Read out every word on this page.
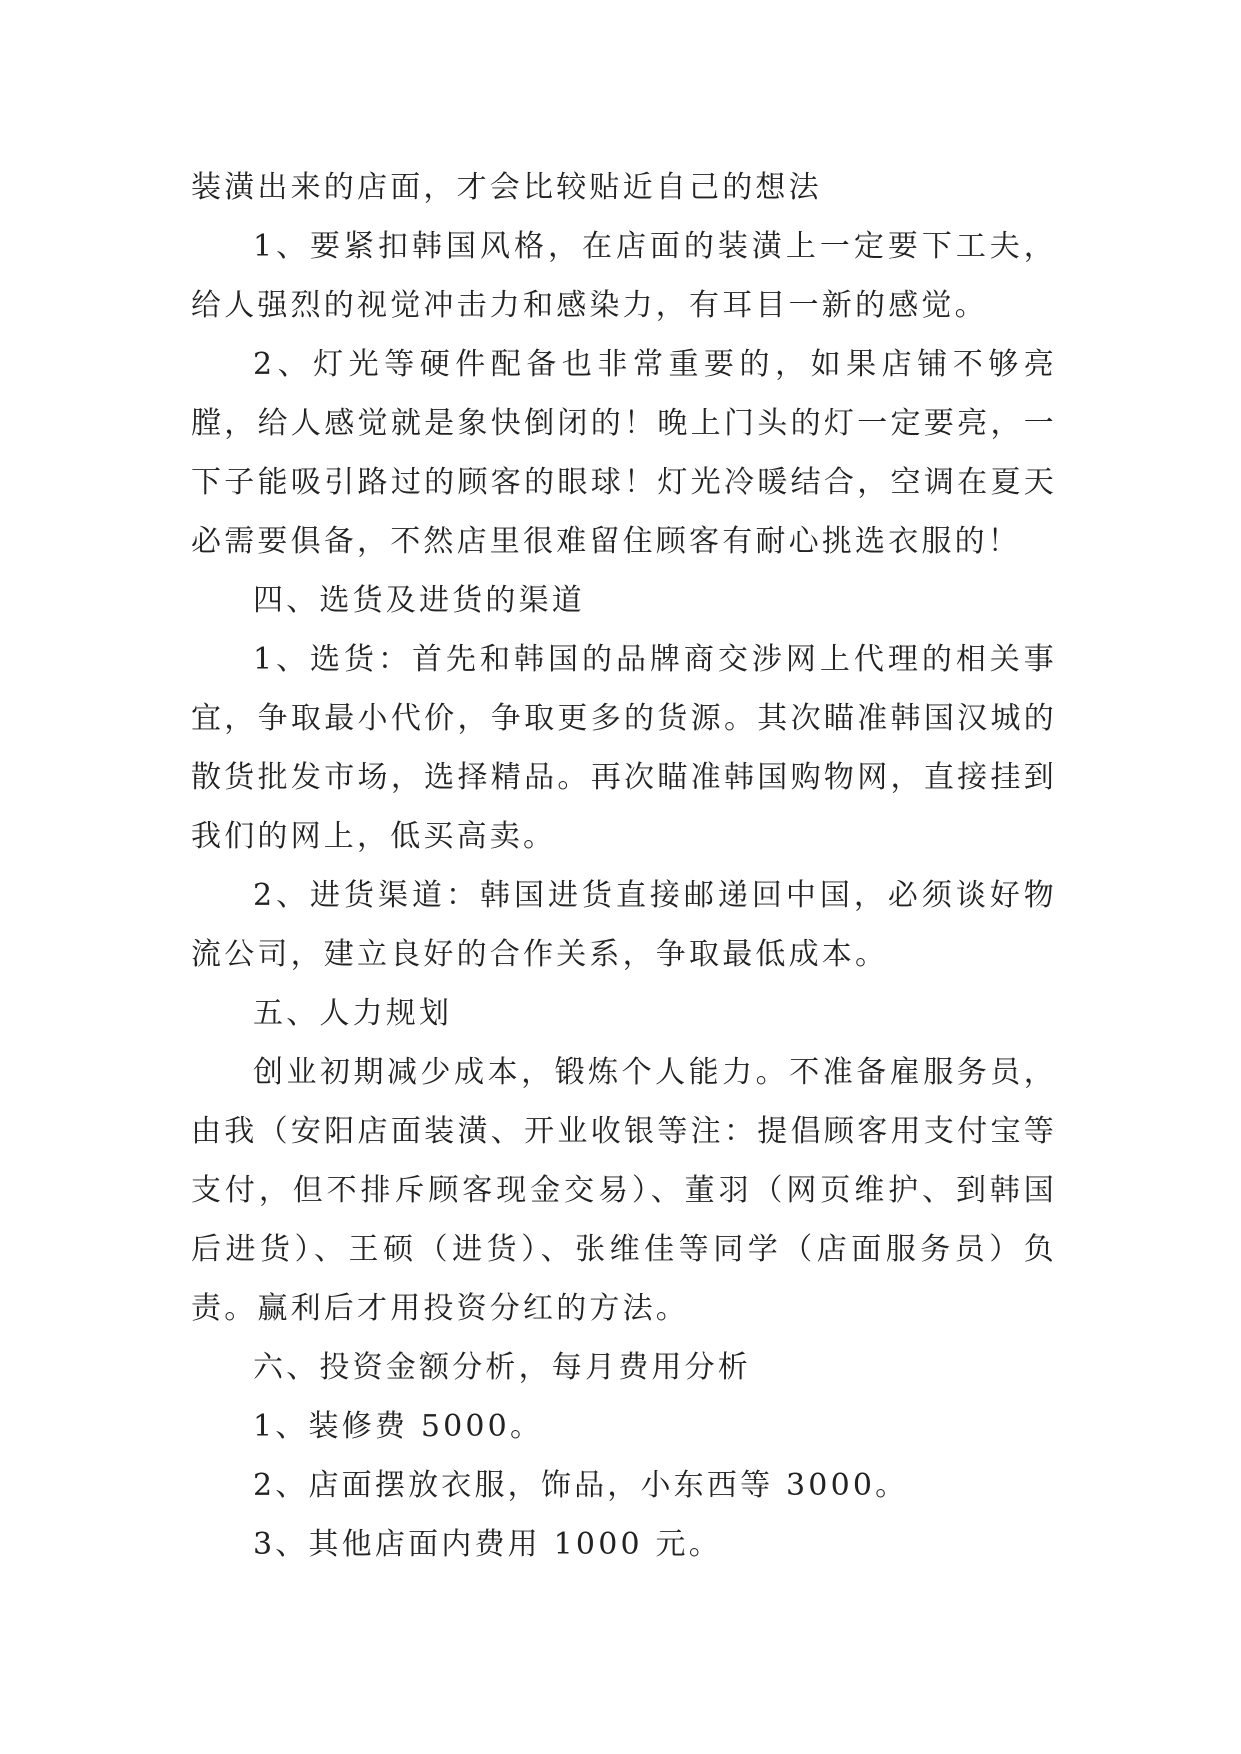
装潢出来的店面，才会比较贴近自己的想法

1、要紧扣韩国风格，在店面的装潢上一定要下工夫，给人强烈的视觉冲击力和感染力，有耳目一新的感觉。

2、灯光等硬件配备也非常重要的，如果店铺不够亮膛，给人感觉就是象快倒闭的！晚上门头的灯一定要亮，一下子能吸引路过的顾客的眼球！灯光冷暖结合，空调在夏天必需要俱备，不然店里很难留住顾客有耐心挑选衣服的！

四、选货及进货的渠道

1、选货：首先和韩国的品牌商交涉网上代理的相关事宜，争取最小代价，争取更多的货源。其次瞄准韩国汉城的散货批发市场，选择精品。再次瞄准韩国购物网，直接挂到我们的网上，低买高卖。

2、进货渠道：韩国进货直接邮递回中国，必须谈好物流公司，建立良好的合作关系，争取最低成本。

五、人力规划

创业初期减少成本，锻炼个人能力。不准备雇服务员，由我（安阳店面装潢、开业收银等注：提倡顾客用支付宝等支付，但不排斥顾客现金交易）、董羽（网页维护、到韩国后进货）、王硕（进货）、张维佳等同学（店面服务员）负责。赢利后才用投资分红的方法。

六、投资金额分析，每月费用分析

1、装修费 5000。

2、店面摆放衣服，饰品，小东西等 3000。

3、其他店面内费用 1000 元。
